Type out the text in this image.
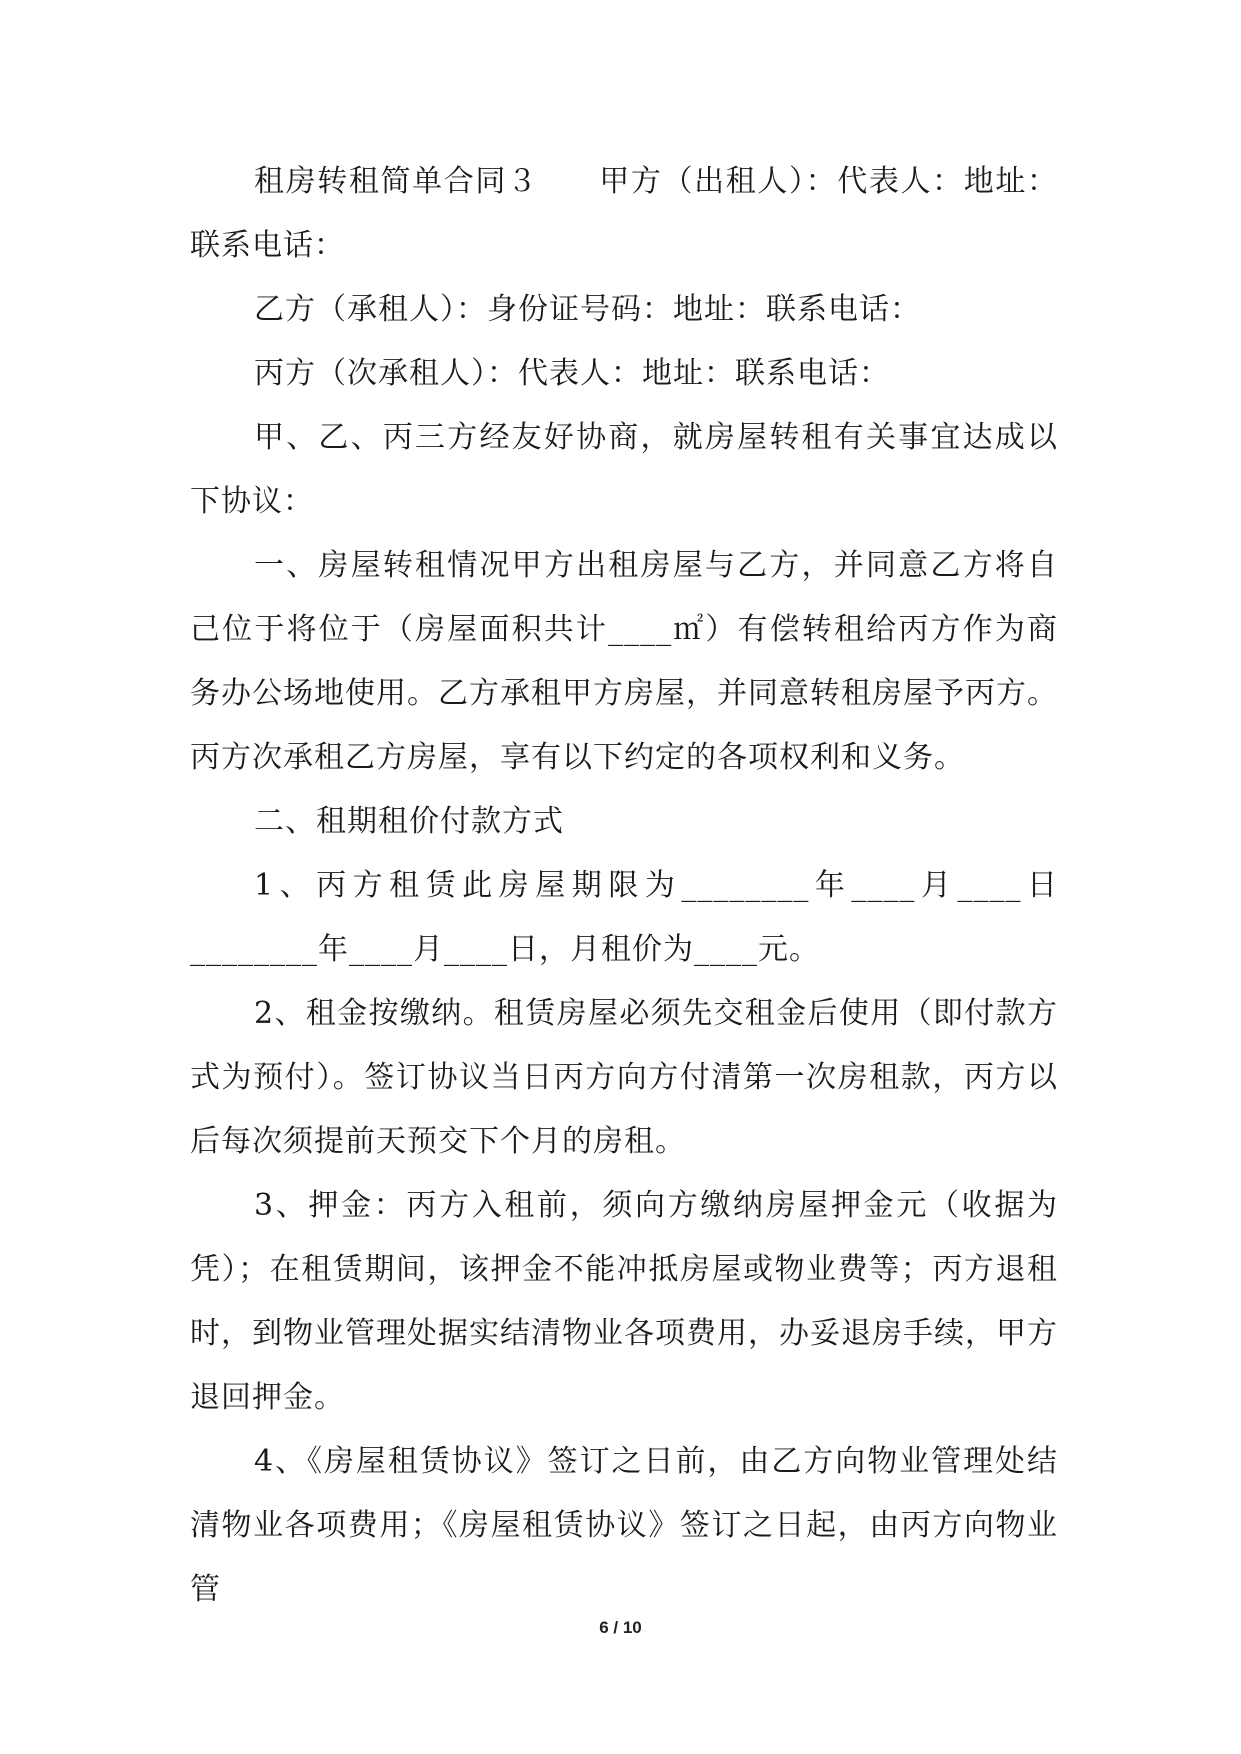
租房转租简单合同３ 甲方（出租人）：代表人：地址：联系电话：

乙方（承租人）：身份证号码：地址：联系电话：

丙方（次承租人）：代表人：地址：联系电话：

甲、乙、丙三方经友好协商，就房屋转租有关事宜达成以下协议：

一、房屋转租情况甲方出租房屋与乙方，并同意乙方将自己位于将位于（房屋面积共计____㎡）有偿转租给丙方作为商务办公场地使用。乙方承租甲方房屋，并同意转租房屋予丙方。丙方次承租乙方房屋，享有以下约定的各项权利和义务。

二、租期租价付款方式

1、丙方租赁此房屋期限为________年____月____日________年____月____日，月租价为____元。

2、租金按缴纳。租赁房屋必须先交租金后使用（即付款方式为预付）。签订协议当日丙方向方付清第一次房租款，丙方以后每次须提前天预交下个月的房租。

3、押金：丙方入租前，须向方缴纳房屋押金元（收据为凭）；在租赁期间，该押金不能冲抵房屋或物业费等；丙方退租时，到物业管理处据实结清物业各项费用，办妥退房手续，甲方退回押金。

4、《房屋租赁协议》签订之日前，由乙方向物业管理处结清物业各项费用；《房屋租赁协议》签订之日起，由丙方向物业管

6 / 10
